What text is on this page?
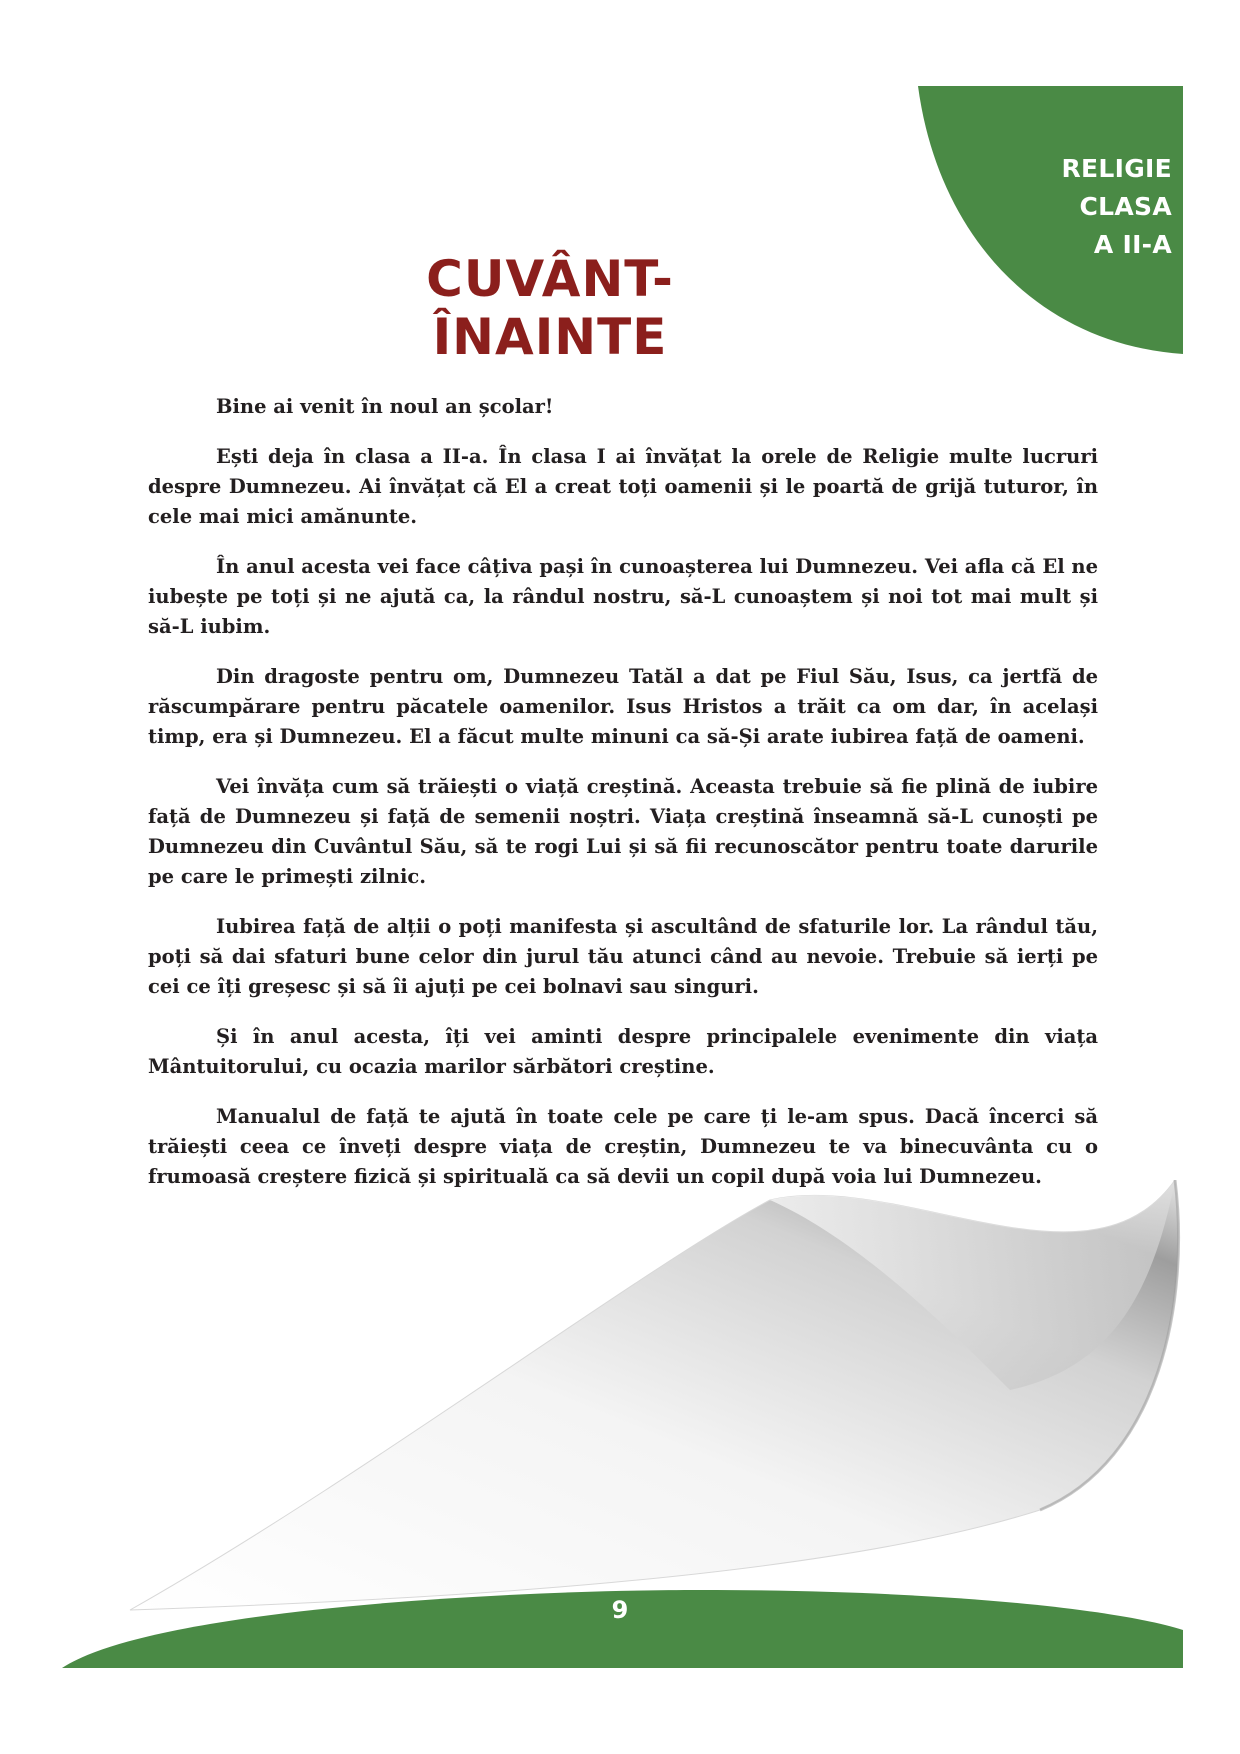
RELIGIE
CLASA
A II-A
CUVÂNT-ÎNAINTE

Bine ai venit în noul an școlar!

Ești deja în clasa a II-a. În clasa I ai învățat la orele de Religie multe lucruri despre Dumnezeu. Ai învățat că El a creat toți oamenii și le poartă de grijă tuturor, în cele mai mici amănunte.

În anul acesta vei face câțiva pași în cunoașterea lui Dumnezeu. Vei afla că El ne iubește pe toți și ne ajută ca, la rândul nostru, să-L cunoaștem și noi tot mai mult și să-L iubim.

Din dragoste pentru om, Dumnezeu Tatăl a dat pe Fiul Său, Isus, ca jertfă de răscumpărare pentru păcatele oamenilor. Isus Hristos a trăit ca om dar, în același timp, era și Dumnezeu. El a făcut multe minuni ca să-Și arate iubirea față de oameni.

Vei învăța cum să trăiești o viață creștină. Aceasta trebuie să fie plină de iubire față de Dumnezeu și față de semenii noștri. Viața creștină înseamnă să-L cunoști pe Dumnezeu din Cuvântul Său, să te rogi Lui și să fii recunoscător pentru toate darurile pe care le primești zilnic.

Iubirea față de alții o poți manifesta și ascultând de sfaturile lor. La rândul tău, poți să dai sfaturi bune celor din jurul tău atunci când au nevoie. Trebuie să ierți pe cei ce îți greșesc și să îi ajuți pe cei bolnavi sau singuri.

Și în anul acesta, îți vei aminti despre principalele evenimente din viața Mântuitorului, cu ocazia marilor sărbători creștine.

Manualul de față te ajută în toate cele pe care ți le-am spus. Dacă încerci să trăiești ceea ce înveți despre viața de creștin, Dumnezeu te va binecuvânta cu o frumoasă creștere fizică și spirituală ca să devii un copil după voia lui Dumnezeu.

9
